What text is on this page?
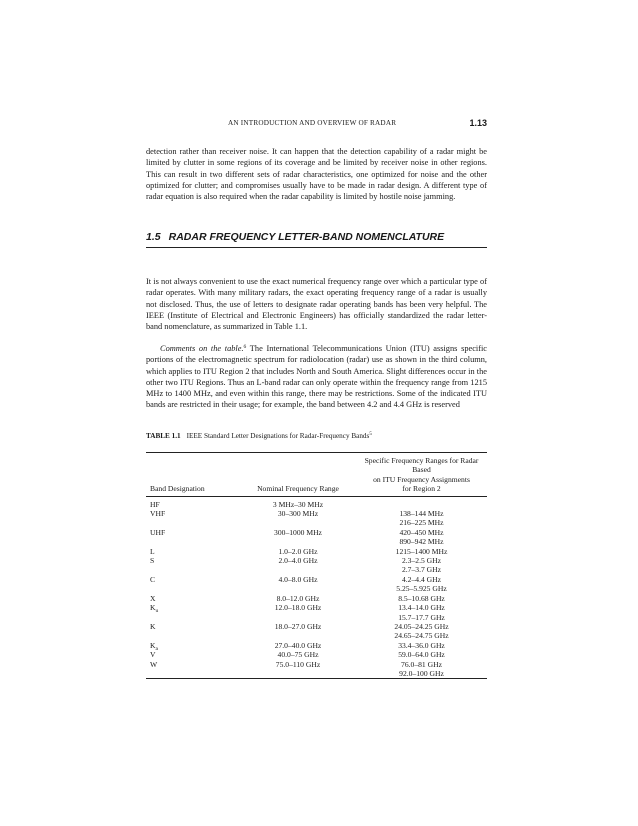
AN INTRODUCTION AND OVERVIEW OF RADAR	1.13

detection rather than receiver noise. It can happen that the detection capability of a radar might be limited by clutter in some regions of its coverage and be limited by receiver noise in other regions. This can result in two different sets of radar characteristics, one optimized for noise and the other optimized for clutter; and compromises usually have to be made in radar design. A different type of radar equation is also required when the radar capability is limited by hostile noise jamming.

1.5 RADAR FREQUENCY LETTER-BAND NOMENCLATURE

It is not always convenient to use the exact numerical frequency range over which a particular type of radar operates. With many military radars, the exact operating frequency range of a radar is usually not disclosed. Thus, the use of letters to designate radar operating bands has been very helpful. The IEEE (Institute of Electrical and Electronic Engineers) has officially standardized the radar letter-band nomenclature, as summarized in Table 1.1.

Comments on the table.$^6$ The International Telecommunications Union (ITU) assigns specific portions of the electromagnetic spectrum for radiolocation (radar) use as shown in the third column, which applies to ITU Region 2 that includes North and South America. Slight differences occur in the other two ITU Regions. Thus an L-band radar can only operate within the frequency range from 1215 MHz to 1400 MHz, and even within this range, there may be restrictions. Some of the indicated ITU bands are restricted in their usage; for example, the band between 4.2 and 4.4 GHz is reserved

TABLE 1.1 IEEE Standard Letter Designations for Radar-Frequency Bands$^5$
Band Designation	Nominal Frequency Range	Specific Frequency Ranges for Radar Based
on ITU Frequency Assignments
for Region 2

HF	3 MHz–30 MHz	
VHF	30–300 MHz	138–144 MHz
216–225 MHz

UHF	300–1000 MHz	420–450 MHz
890–942 MHz

L	1.0–2.0 GHz	1215–1400 MHz

S	2.0–4.0 GHz	2.3–2.5 GHz
2.7–3.7 GHz

C	4.0–8.0 GHz	4.2–4.4 GHz
5.25–5.925 GHz

X	8.0–12.0 GHz	8.5–10.68 GHz

$K_u$	12.0–18.0 GHz	13.4–14.0 GHz
15.7–17.7 GHz

K	18.0–27.0 GHz	24.05–24.25 GHz
24.65–24.75 GHz

$K_a$	27.0–40.0 GHz	33.4–36.0 GHz

V	40.0–75 GHz	59.0–64.0 GHz

W	75.0–110 GHz	76.0–81 GHz
92.0–100 GHz
